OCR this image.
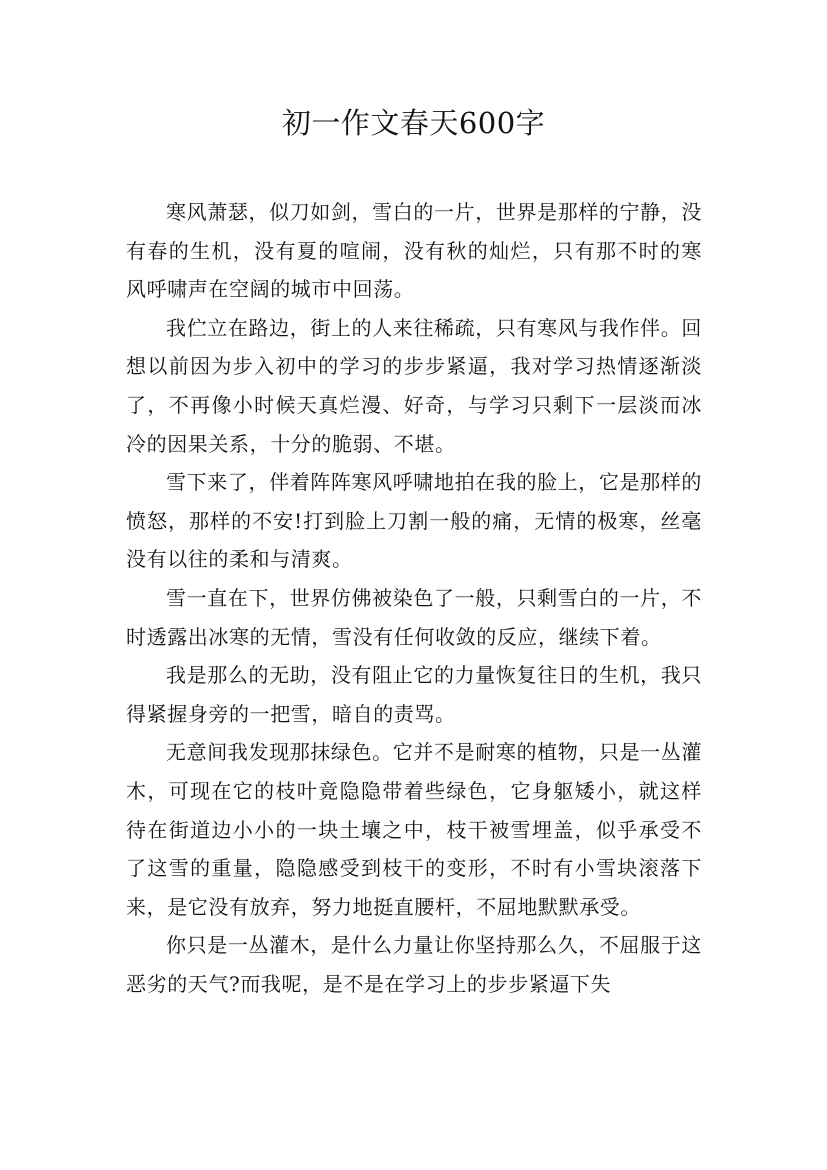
初一作文春天600字

寒风萧瑟，似刀如剑，雪白的一片，世界是那样的宁静，没有春的生机，没有夏的喧闹，没有秋的灿烂，只有那不时的寒风呼啸声在空阔的城市中回荡。

我伫立在路边，街上的人来往稀疏，只有寒风与我作伴。回想以前因为步入初中的学习的步步紧逼，我对学习热情逐渐淡了，不再像小时候天真烂漫、好奇，与学习只剩下一层淡而冰冷的因果关系，十分的脆弱、不堪。

雪下来了，伴着阵阵寒风呼啸地拍在我的脸上，它是那样的愤怒，那样的不安!打到脸上刀割一般的痛，无情的极寒，丝毫没有以往的柔和与清爽。

雪一直在下，世界仿佛被染色了一般，只剩雪白的一片，不时透露出冰寒的无情，雪没有任何收敛的反应，继续下着。

我是那么的无助，没有阻止它的力量恢复往日的生机，我只得紧握身旁的一把雪，暗自的责骂。

无意间我发现那抹绿色。它并不是耐寒的植物，只是一丛灌木，可现在它的枝叶竟隐隐带着些绿色，它身躯矮小，就这样待在街道边小小的一块土壤之中，枝干被雪埋盖，似乎承受不了这雪的重量，隐隐感受到枝干的变形，不时有小雪块滚落下来，是它没有放弃，努力地挺直腰杆，不屈地默默承受。

你只是一丛灌木，是什么力量让你坚持那么久，不屈服于这恶劣的天气?而我呢，是不是在学习上的步步紧逼下失
